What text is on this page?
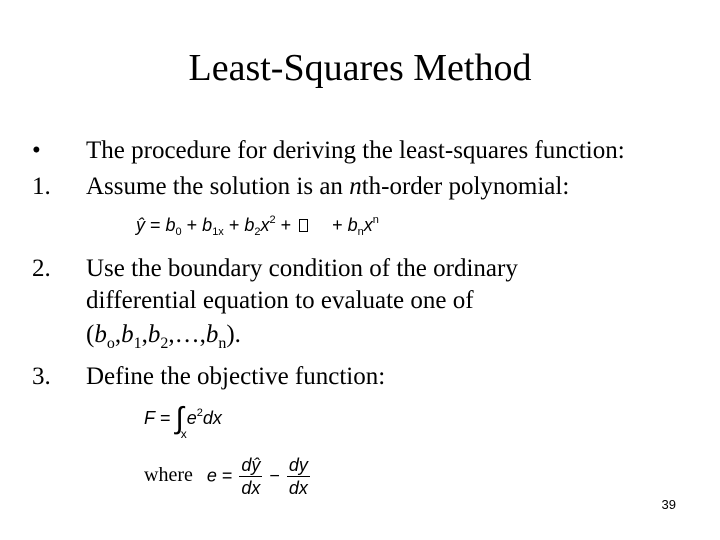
Least-Squares Method
• The procedure for deriving the least-squares function:
1. Assume the solution is an nth-order polynomial:
ŷ = $b_0 + b_{1x} + b_2x^2$ +  + $b_nx^n$
2. Use the boundary condition of the ordinary
differential equation to evaluate one of
$(b_o,b_1,b_2,\dots,b_n)$.
3. Define the objective function:
$F = \int_xe^2dx$
where $e = \frac{dŷ}{dx} - \frac{dy}{dx}$
39
